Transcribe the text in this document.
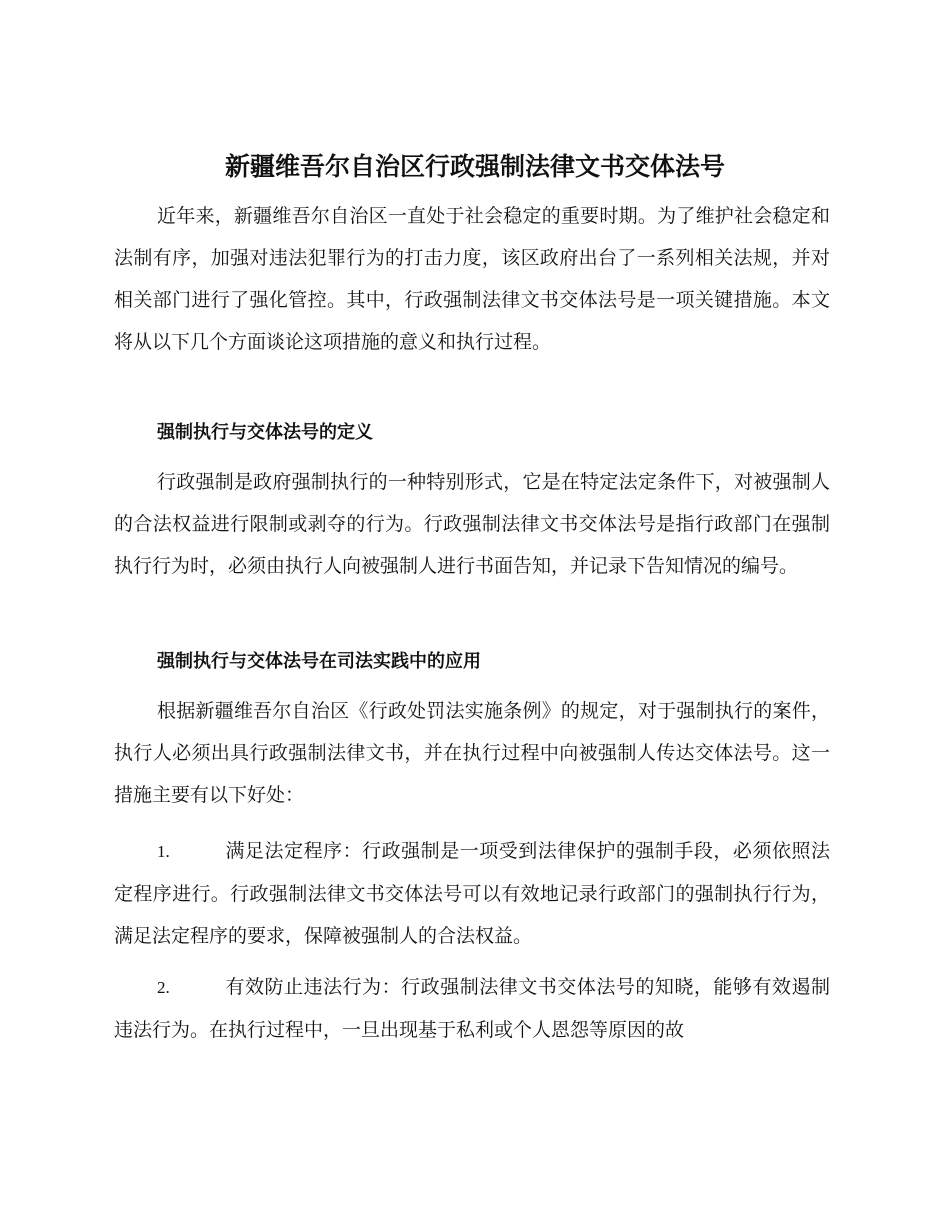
新疆维吾尔自治区行政强制法律文书交体法号

近年来，新疆维吾尔自治区一直处于社会稳定的重要时期。为了维护社会稳定和法制有序，加强对违法犯罪行为的打击力度，该区政府出台了一系列相关法规，并对相关部门进行了强化管控。其中，行政强制法律文书交体法号是一项关键措施。本文将从以下几个方面谈论这项措施的意义和执行过程。

强制执行与交体法号的定义

行政强制是政府强制执行的一种特别形式，它是在特定法定条件下，对被强制人的合法权益进行限制或剥夺的行为。行政强制法律文书交体法号是指行政部门在强制执行行为时，必须由执行人向被强制人进行书面告知，并记录下告知情况的编号。

强制执行与交体法号在司法实践中的应用

根据新疆维吾尔自治区《行政处罚法实施条例》的规定，对于强制执行的案件，执行人必须出具行政强制法律文书，并在执行过程中向被强制人传达交体法号。这一措施主要有以下好处：

1.	满足法定程序：行政强制是一项受到法律保护的强制手段，必须依照法定程序进行。行政强制法律文书交体法号可以有效地记录行政部门的强制执行行为，满足法定程序的要求，保障被强制人的合法权益。

2.	有效防止违法行为：行政强制法律文书交体法号的知晓，能够有效遏制违法行为。在执行过程中，一旦出现基于私利或个人恩怨等原因的故
